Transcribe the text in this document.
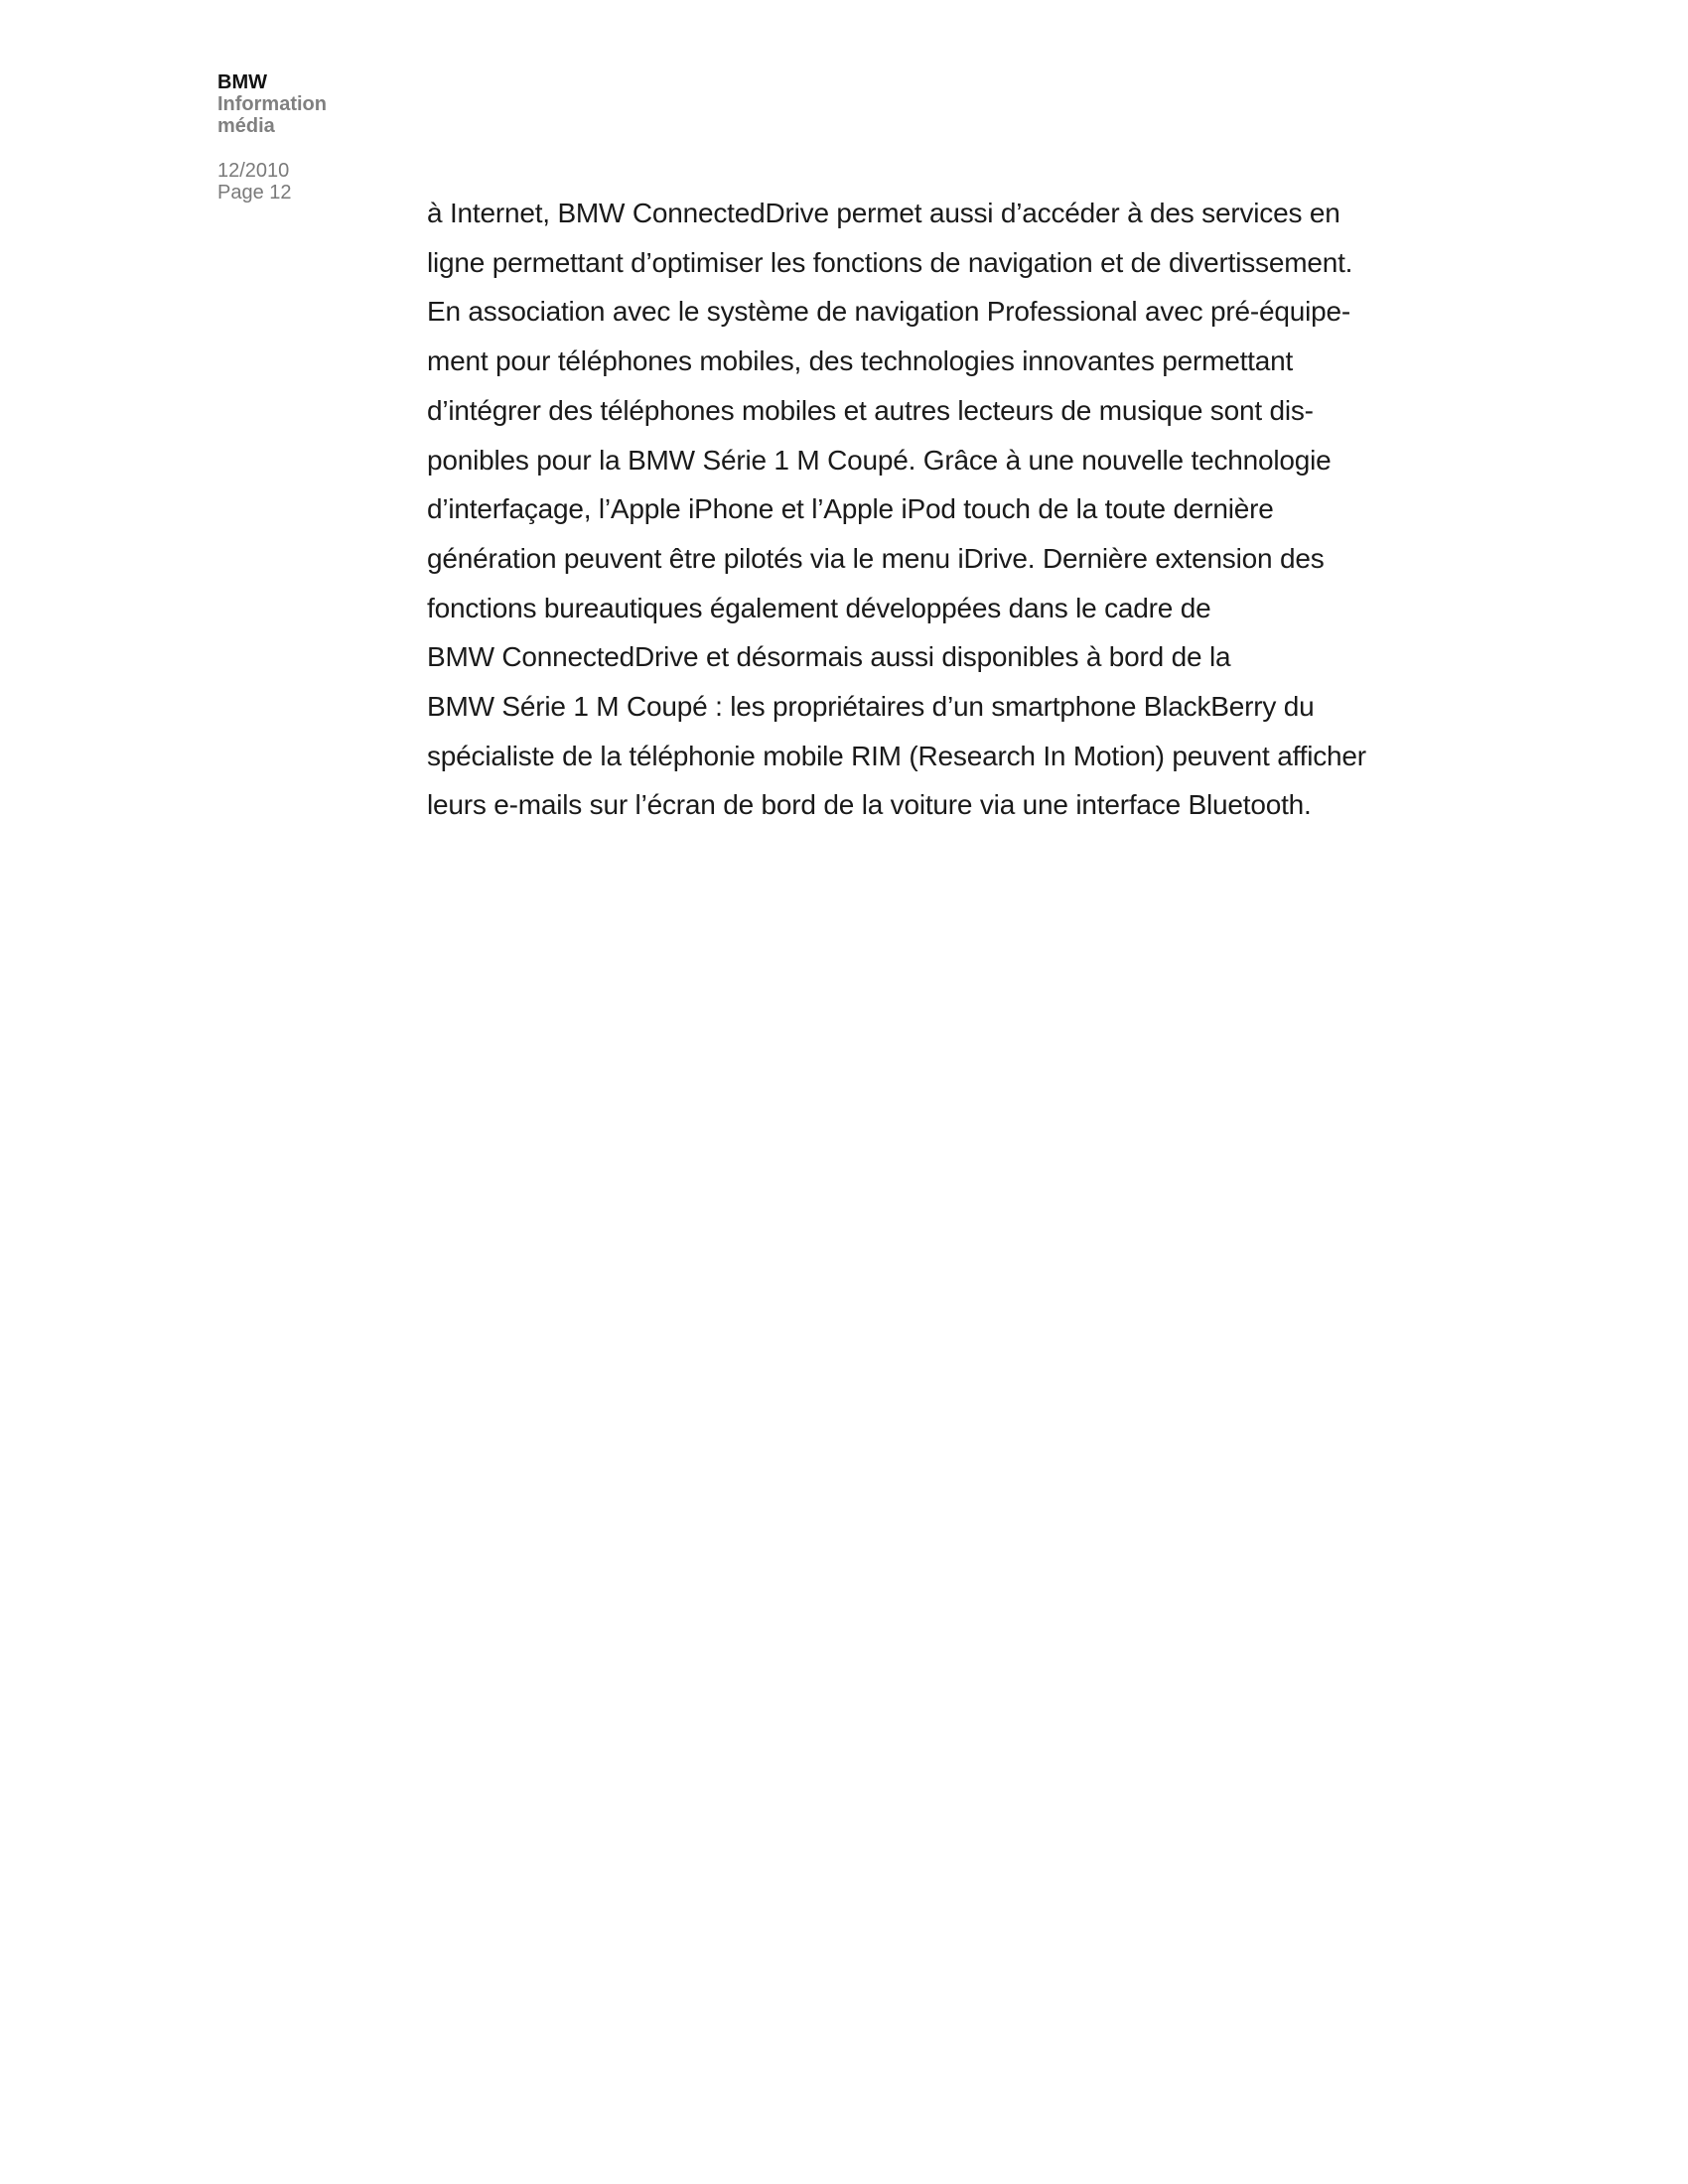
BMW
Information
média
12/2010
Page 12
à Internet, BMW ConnectedDrive permet aussi d’accéder à des services en
ligne permettant d’optimiser les fonctions de navigation et de divertissement.
En association avec le système de navigation Professional avec pré-équipe-
ment pour téléphones mobiles, des technologies innovantes permettant
d’intégrer des téléphones mobiles et autres lecteurs de musique sont dis-
ponibles pour la BMW Série 1 M Coupé. Grâce à une nouvelle technologie
d’interfaçage, l’Apple iPhone et l’Apple iPod touch de la toute dernière
génération peuvent être pilotés via le menu iDrive. Dernière extension des
fonctions bureautiques également développées dans le cadre de
BMW ConnectedDrive et désormais aussi disponibles à bord de la
BMW Série 1 M Coupé : les propriétaires d’un smartphone BlackBerry du
spécialiste de la téléphonie mobile RIM (Research In Motion) peuvent afficher
leurs e-mails sur l’écran de bord de la voiture via une interface Bluetooth.
